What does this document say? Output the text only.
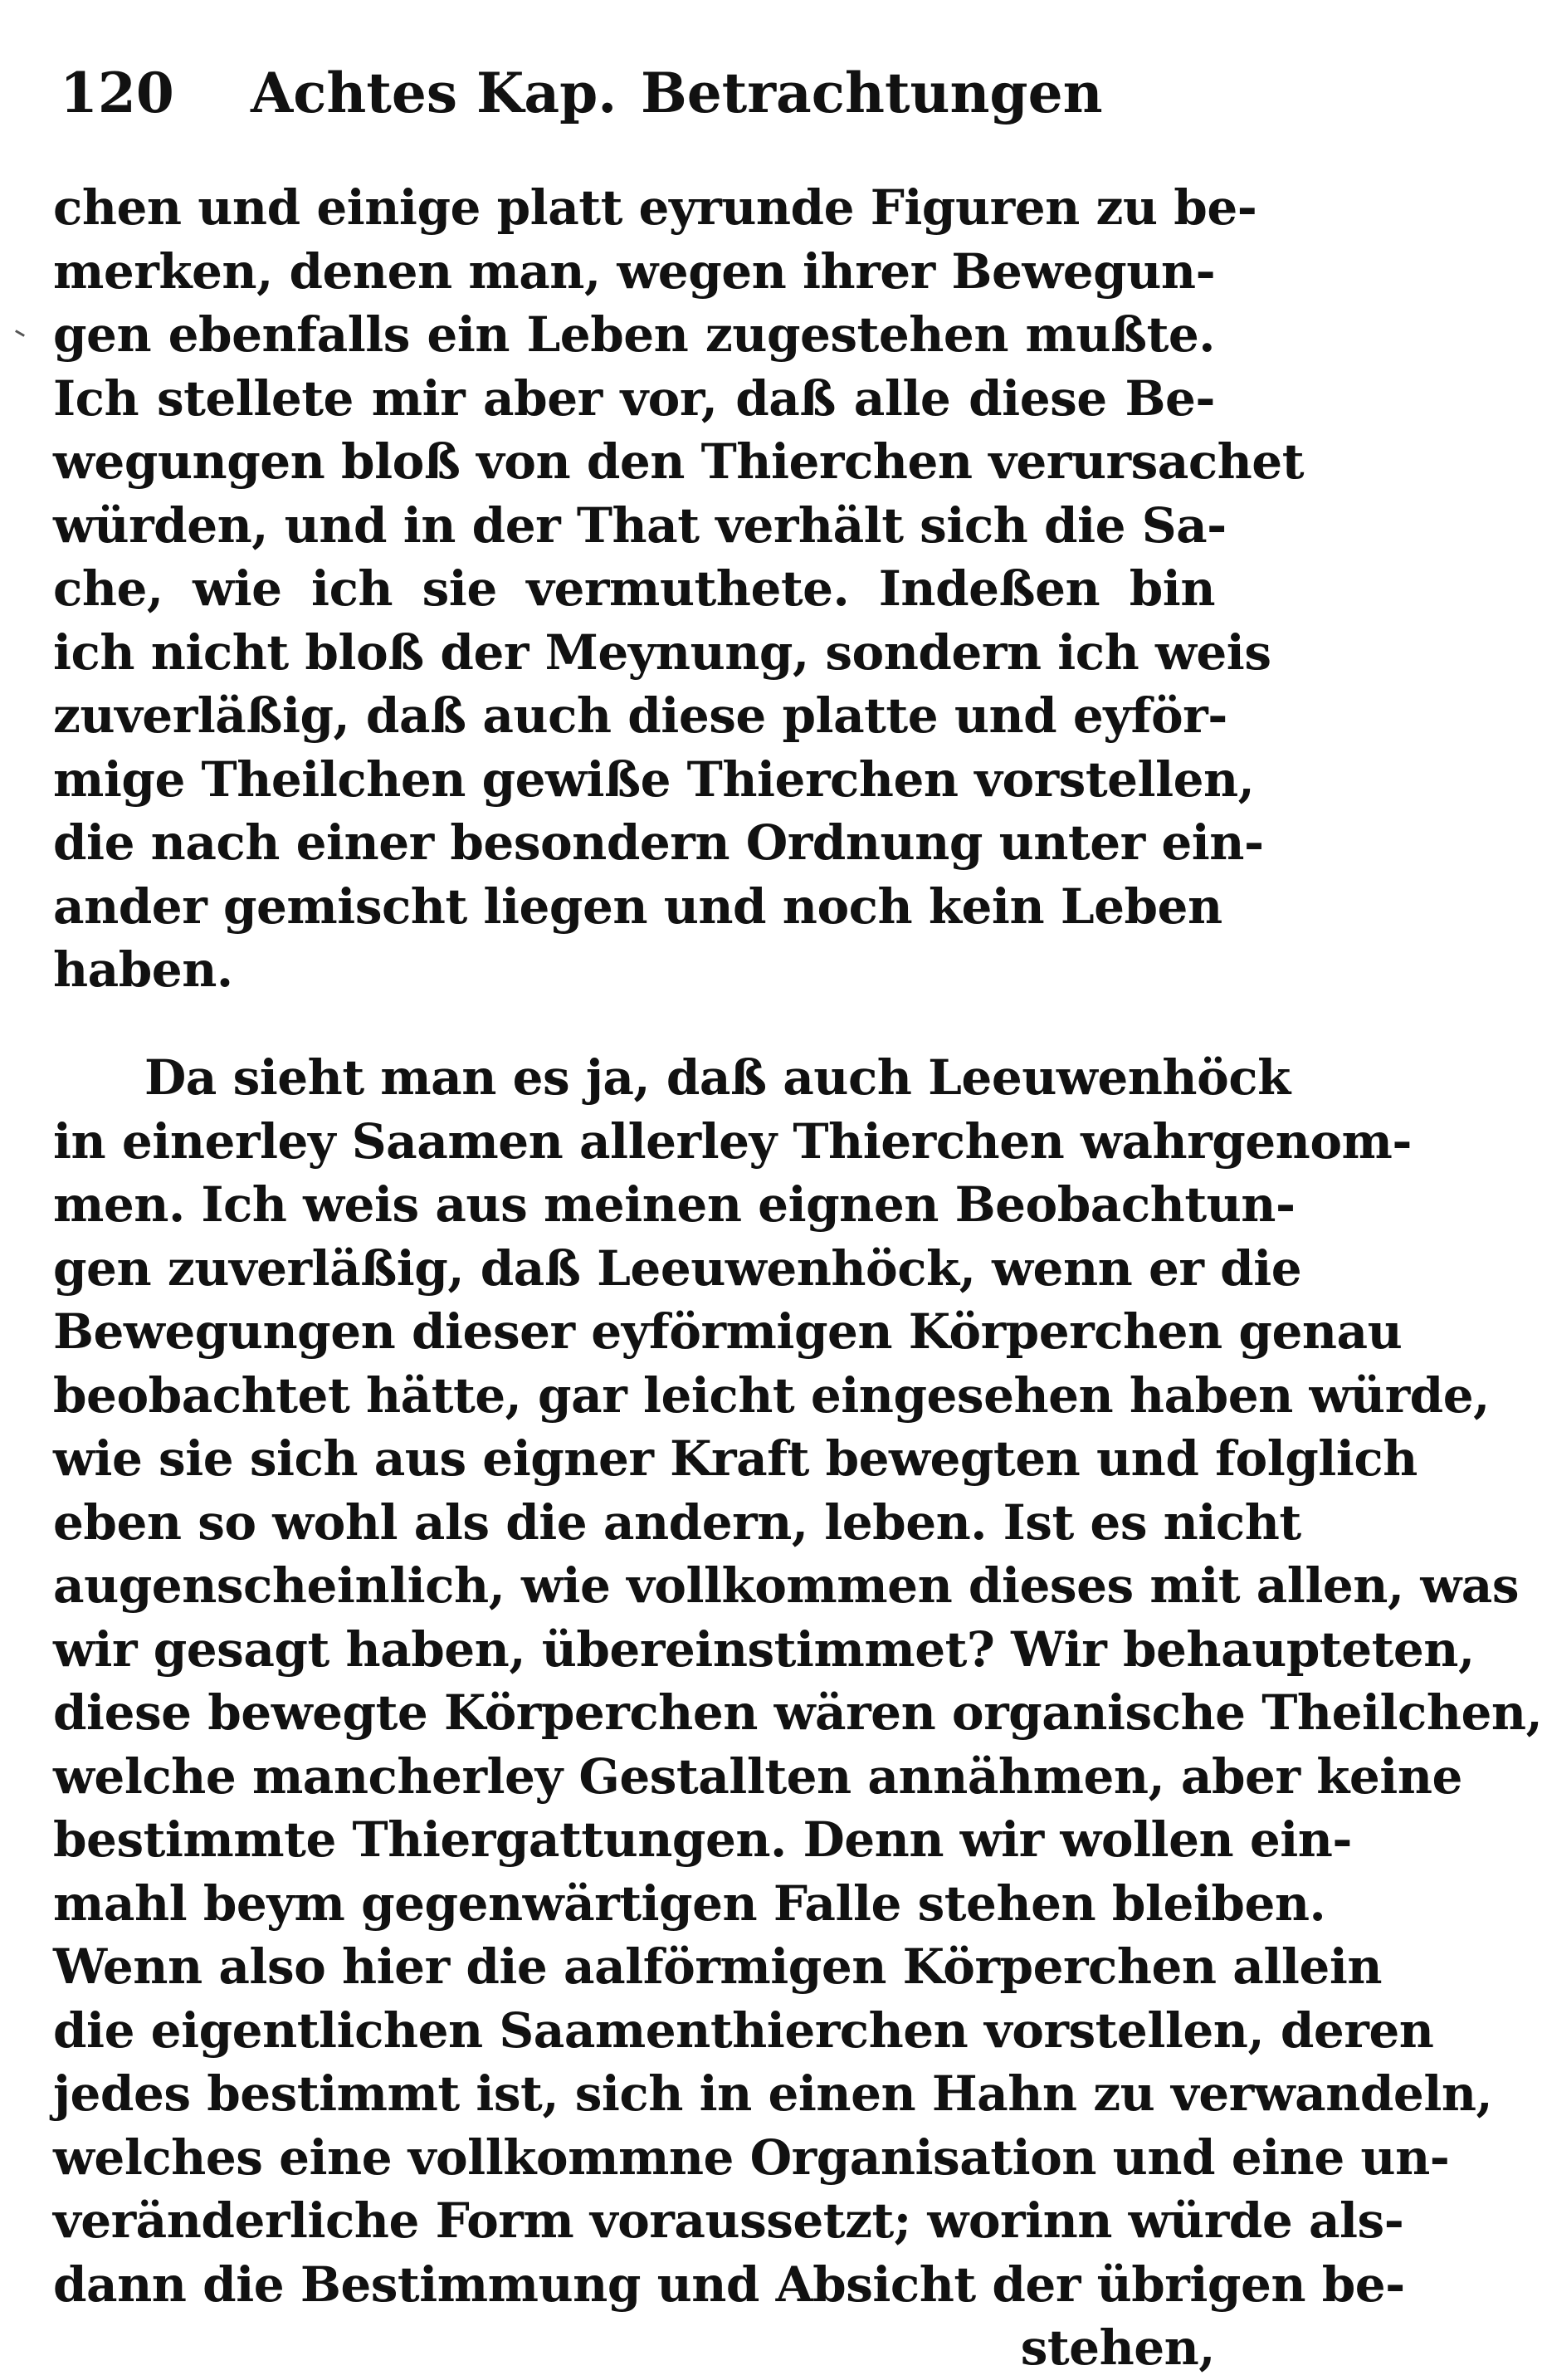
120 Achtes Kap. Betrachtungen
chen und einige platt eyrunde Figuren zu be-
merken, denen man, wegen ihrer Bewegun-
gen ebenfalls ein Leben zugestehen mußte.
Ich stellete mir aber vor, daß alle diese Be-
wegungen bloß von den Thierchen verursachet
würden, und in der That verhält sich die Sa-
che, wie ich sie vermuthete. Indeßen bin
ich nicht bloß der Meynung, sondern ich weis
zuverläßig, daß auch diese platte und eyför-
mige Theilchen gewiße Thierchen vorstellen,
die nach einer besondern Ordnung unter ein-
ander gemischt liegen und noch kein Leben
haben.
Da sieht man es ja, daß auch Leeuwenhöck
in einerley Saamen allerley Thierchen wahrgenom-
men. Ich weis aus meinen eignen Beobachtun-
gen zuverläßig, daß Leeuwenhöck, wenn er die
Bewegungen dieser eyförmigen Körperchen genau
beobachtet hätte, gar leicht eingesehen haben würde,
wie sie sich aus eigner Kraft bewegten und folglich
eben so wohl als die andern, leben. Ist es nicht
augenscheinlich, wie vollkommen dieses mit allen, was
wir gesagt haben, übereinstimmet? Wir behaupteten,
diese bewegte Körperchen wären organische Theilchen,
welche mancherley Gestallten annähmen, aber keine
bestimmte Thiergattungen. Denn wir wollen ein-
mahl beym gegenwärtigen Falle stehen bleiben.
Wenn also hier die aalförmigen Körperchen allein
die eigentlichen Saamenthierchen vorstellen, deren
jedes bestimmt ist, sich in einen Hahn zu verwandeln,
welches eine vollkommne Organisation und eine un-
veränderliche Form voraussetzt; worinn würde als-
dann die Bestimmung und Absicht der übrigen be-
stehen,
